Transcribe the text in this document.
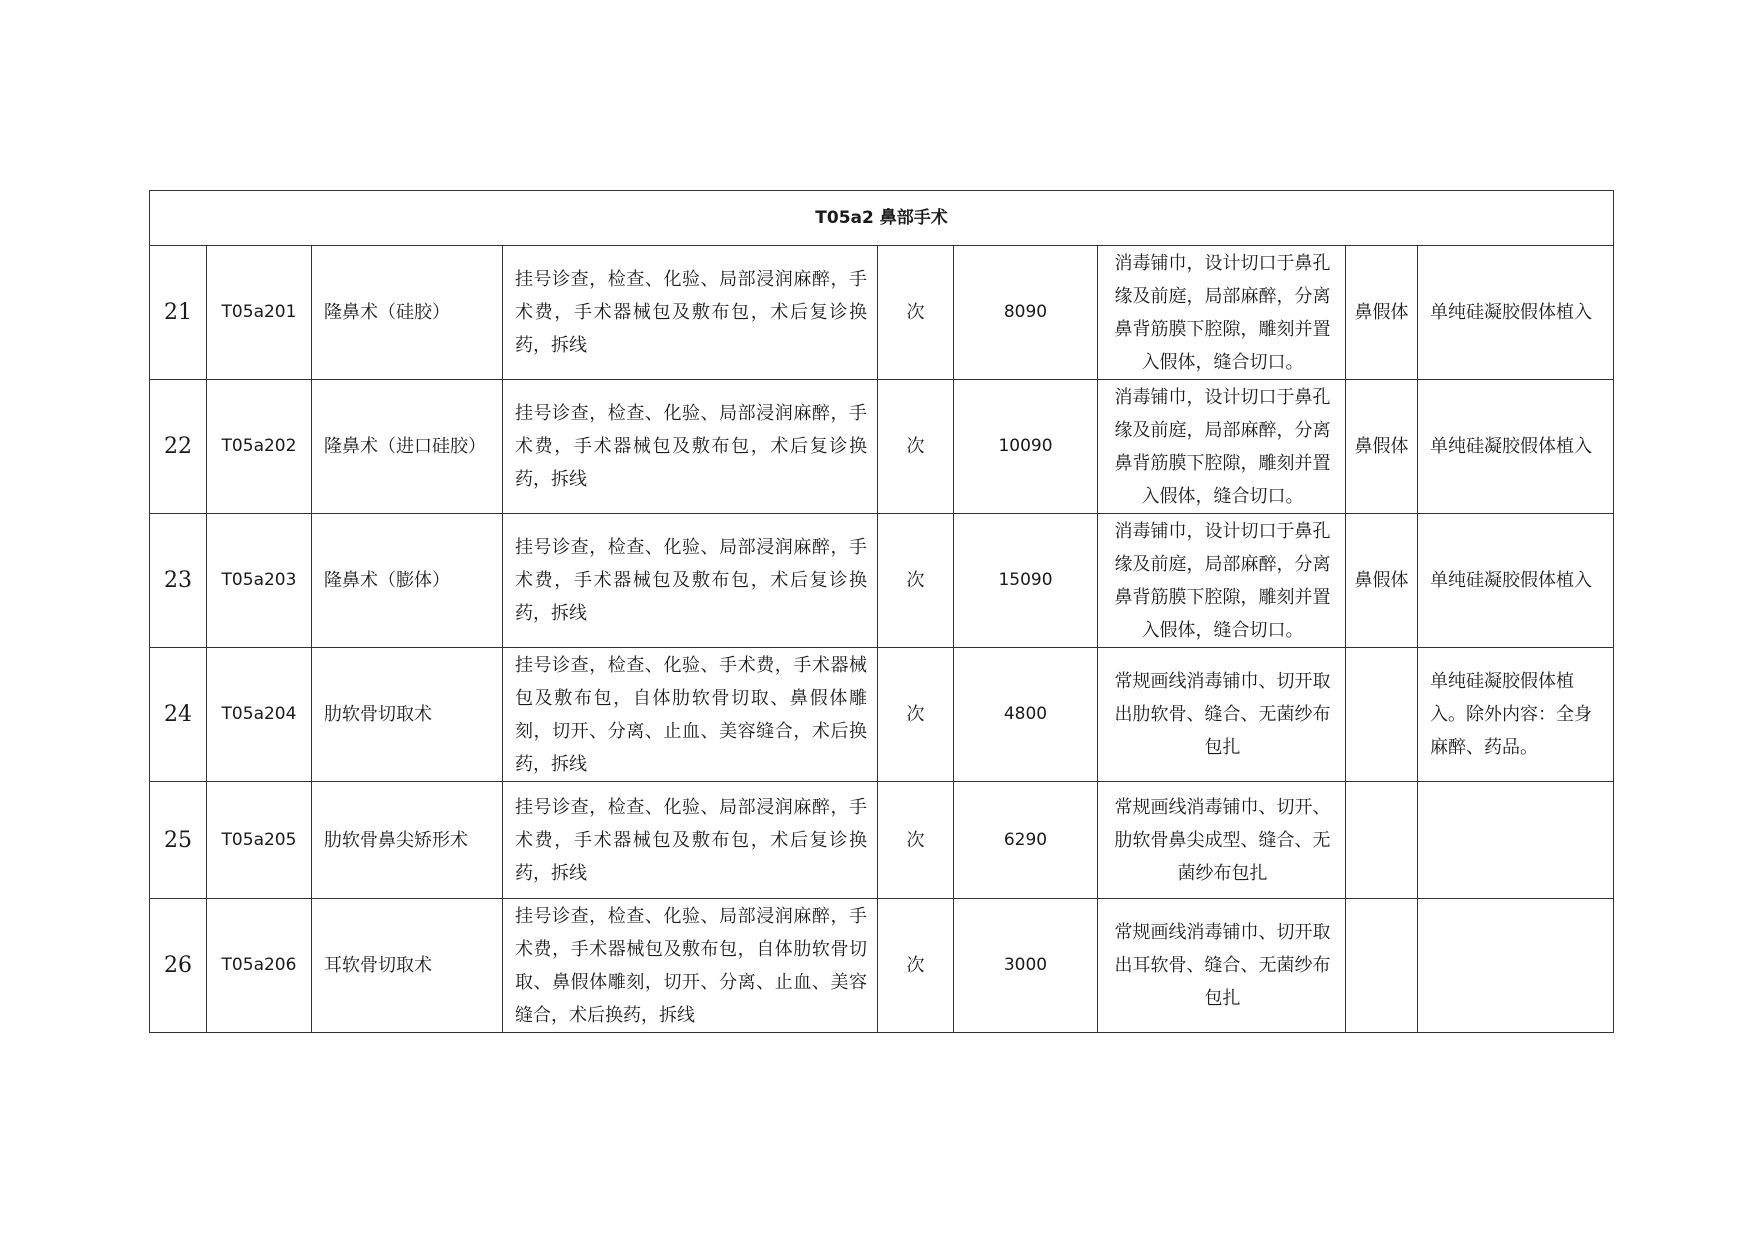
T05a2 鼻部手术								
21	T05a201	隆鼻术（硅胶）	挂号诊查，检查、化验、局部浸润麻醉，手术费，手术器械包及敷布包，术后复诊换药，拆线	次	8090	消毒铺巾，设计切口于鼻孔缘及前庭，局部麻醉，分离鼻背筋膜下腔隙，雕刻并置入假体，缝合切口。	鼻假体	单纯硅凝胶假体植入
22	T05a202	隆鼻术（进口硅胶）	挂号诊查，检查、化验、局部浸润麻醉，手术费，手术器械包及敷布包，术后复诊换药，拆线	次	10090	消毒铺巾，设计切口于鼻孔缘及前庭，局部麻醉，分离鼻背筋膜下腔隙，雕刻并置入假体，缝合切口。	鼻假体	单纯硅凝胶假体植入
23	T05a203	隆鼻术（膨体）	挂号诊查，检查、化验、局部浸润麻醉，手术费，手术器械包及敷布包，术后复诊换药，拆线	次	15090	消毒铺巾，设计切口于鼻孔缘及前庭，局部麻醉，分离鼻背筋膜下腔隙，雕刻并置入假体，缝合切口。	鼻假体	单纯硅凝胶假体植入
24	T05a204	肋软骨切取术	挂号诊查，检查、化验、手术费，手术器械包及敷布包，自体肋软骨切取、鼻假体雕刻，切开、分离、止血、美容缝合，术后换药，拆线	次	4800	常规画线消毒铺巾、切开取出肋软骨、缝合、无菌纱布包扎		单纯硅凝胶假体植入。除外内容：全身麻醉、药品。
25	T05a205	肋软骨鼻尖矫形术	挂号诊查，检查、化验、局部浸润麻醉，手术费，手术器械包及敷布包，术后复诊换药，拆线	次	6290	常规画线消毒铺巾、切开、肋软骨鼻尖成型、缝合、无菌纱布包扎		
26	T05a206	耳软骨切取术	挂号诊查，检查、化验、局部浸润麻醉，手术费，手术器械包及敷布包，自体肋软骨切取、鼻假体雕刻，切开、分离、止血、美容缝合，术后换药，拆线	次	3000	常规画线消毒铺巾、切开取出耳软骨、缝合、无菌纱布包扎		
